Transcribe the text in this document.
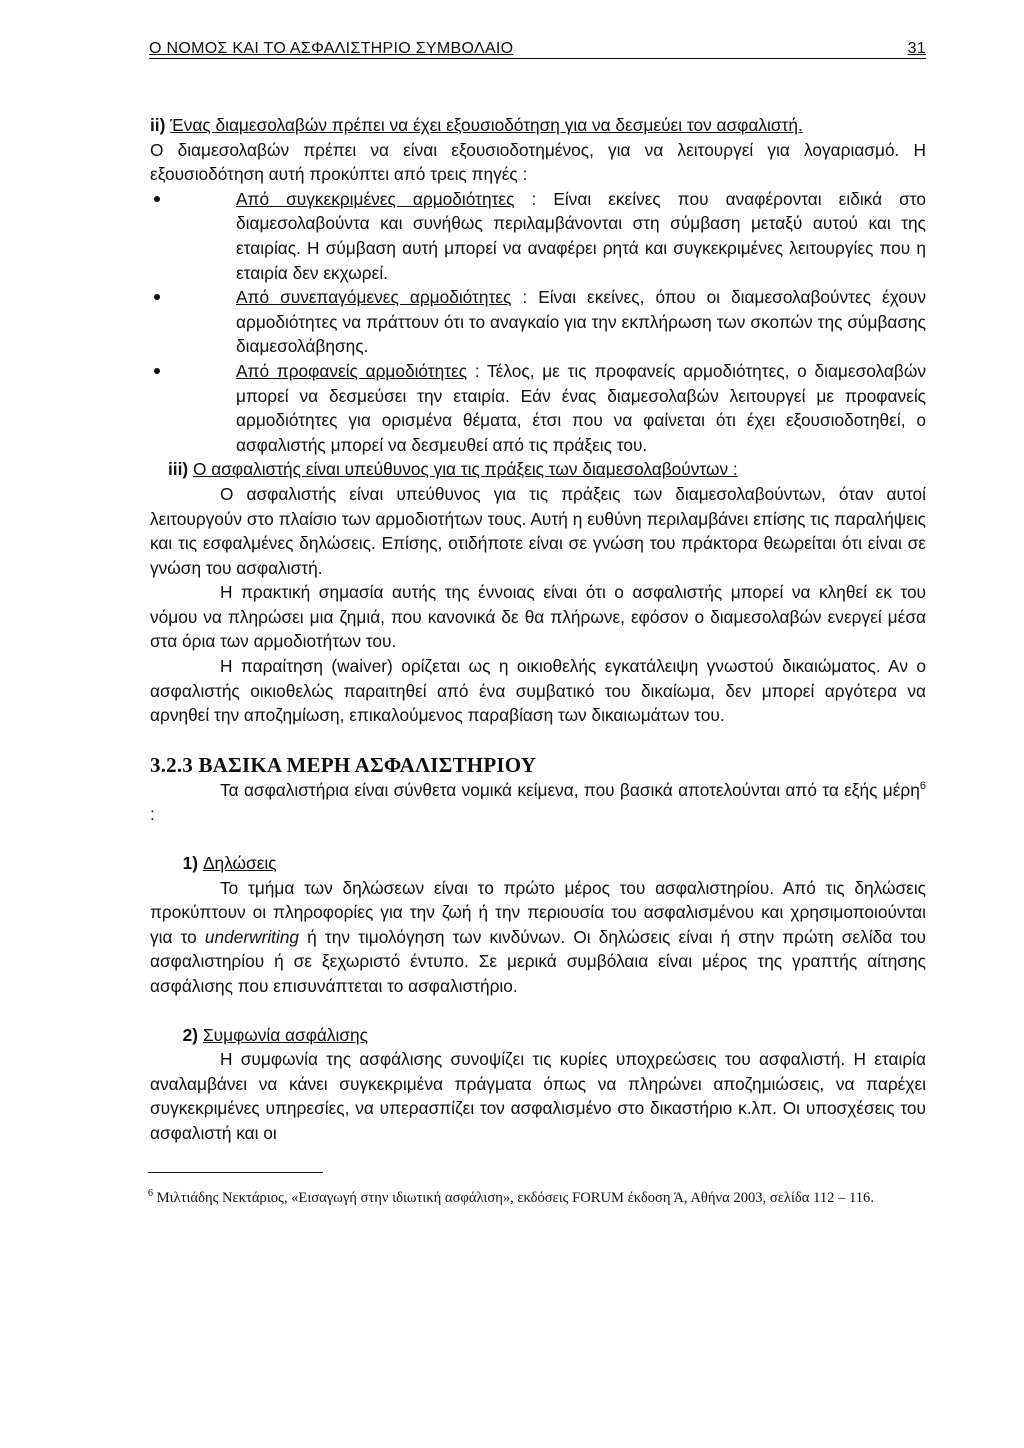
Ο ΝΟΜΟΣ ΚΑΙ ΤΟ ΑΣΦΑΛΙΣΤΗΡΙΟ ΣΥΜΒΟΛΑΙΟ	31

ii) Ένας διαμεσολαβών πρέπει να έχει εξουσιοδότηση για να δεσμεύει τον ασφαλιστή.

Ο διαμεσολαβών πρέπει να είναι εξουσιοδοτημένος, για να λειτουργεί για λογαριασμό. Η εξουσιοδότηση αυτή προκύπτει από τρεις πηγές :

Από συγκεκριμένες αρμοδιότητες : Είναι εκείνες που αναφέρονται ειδικά στο διαμεσολαβούντα και συνήθως περιλαμβάνονται στη σύμβαση μεταξύ αυτού και της εταιρίας. Η σύμβαση αυτή μπορεί να αναφέρει ρητά και συγκεκριμένες λειτουργίες που η εταιρία δεν εκχωρεί.
Από συνεπαγόμενες αρμοδιότητες : Είναι εκείνες, όπου οι διαμεσολαβούντες έχουν αρμοδιότητες να πράττουν ότι το αναγκαίο για την εκπλήρωση των σκοπών της σύμβασης διαμεσολάβησης.
Από προφανείς αρμοδιότητες : Τέλος, με τις προφανείς αρμοδιότητες, ο διαμεσολαβών μπορεί να δεσμεύσει την εταιρία. Εάν ένας διαμεσολαβών λειτουργεί με προφανείς αρμοδιότητες για ορισμένα θέματα, έτσι που να φαίνεται ότι έχει εξουσιοδοτηθεί, ο ασφαλιστής μπορεί να δεσμευθεί από τις πράξεις του.

iii) Ο ασφαλιστής είναι υπεύθυνος για τις πράξεις των διαμεσολαβούντων :

Ο ασφαλιστής είναι υπεύθυνος για τις πράξεις των διαμεσολαβούντων, όταν αυτοί λειτουργούν στο πλαίσιο των αρμοδιοτήτων τους. Αυτή η ευθύνη περιλαμβάνει επίσης τις παραλήψεις και τις εσφαλμένες δηλώσεις. Επίσης, οτιδήποτε είναι σε γνώση του πράκτορα θεωρείται ότι είναι σε γνώση του ασφαλιστή.

Η πρακτική σημασία αυτής της έννοιας είναι ότι ο ασφαλιστής μπορεί να κληθεί εκ του νόμου να πληρώσει μια ζημιά, που κανονικά δε θα πλήρωνε, εφόσον ο διαμεσολαβών ενεργεί μέσα στα όρια των αρμοδιοτήτων του.

Η παραίτηση (waiver) ορίζεται ως η οικιοθελής εγκατάλειψη γνωστού δικαιώματος. Αν ο ασφαλιστής οικιοθελώς παραιτηθεί από ένα συμβατικό του δικαίωμα, δεν μπορεί αργότερα να αρνηθεί την αποζημίωση, επικαλούμενος παραβίαση των δικαιωμάτων του.

3.2.3 ΒΑΣΙΚΑ ΜΕΡΗ ΑΣΦΑΛΙΣΤΗΡΙΟΥ

Τα ασφαλιστήρια είναι σύνθετα νομικά κείμενα, που βασικά αποτελούνται από τα εξής μέρη$^6$ :

1) Δηλώσεις

Το τμήμα των δηλώσεων είναι το πρώτο μέρος του ασφαλιστηρίου. Από τις δηλώσεις προκύπτουν οι πληροφορίες για την ζωή ή την περιουσία του ασφαλισμένου και χρησιμοποιούνται για το underwriting ή την τιμολόγηση των κινδύνων. Οι δηλώσεις είναι ή στην πρώτη σελίδα του ασφαλιστηρίου ή σε ξεχωριστό έντυπο. Σε μερικά συμβόλαια είναι μέρος της γραπτής αίτησης ασφάλισης που επισυνάπτεται το ασφαλιστήριο.

2) Συμφωνία ασφάλισης

Η συμφωνία της ασφάλισης συνοψίζει τις κυρίες υποχρεώσεις του ασφαλιστή. Η εταιρία αναλαμβάνει να κάνει συγκεκριμένα πράγματα όπως να πληρώνει αποζημιώσεις, να παρέχει συγκεκριμένες υπηρεσίες, να υπερασπίζει τον ασφαλισμένο στο δικαστήριο κ.λπ. Οι υποσχέσεις του ασφαλιστή και οι

$^6$ Μιλτιάδης Νεκτάριος, «Εισαγωγή στην ιδιωτική ασφάλιση», εκδόσεις FORUM έκδοση Ά, Αθήνα 2003, σελίδα 112 – 116.
